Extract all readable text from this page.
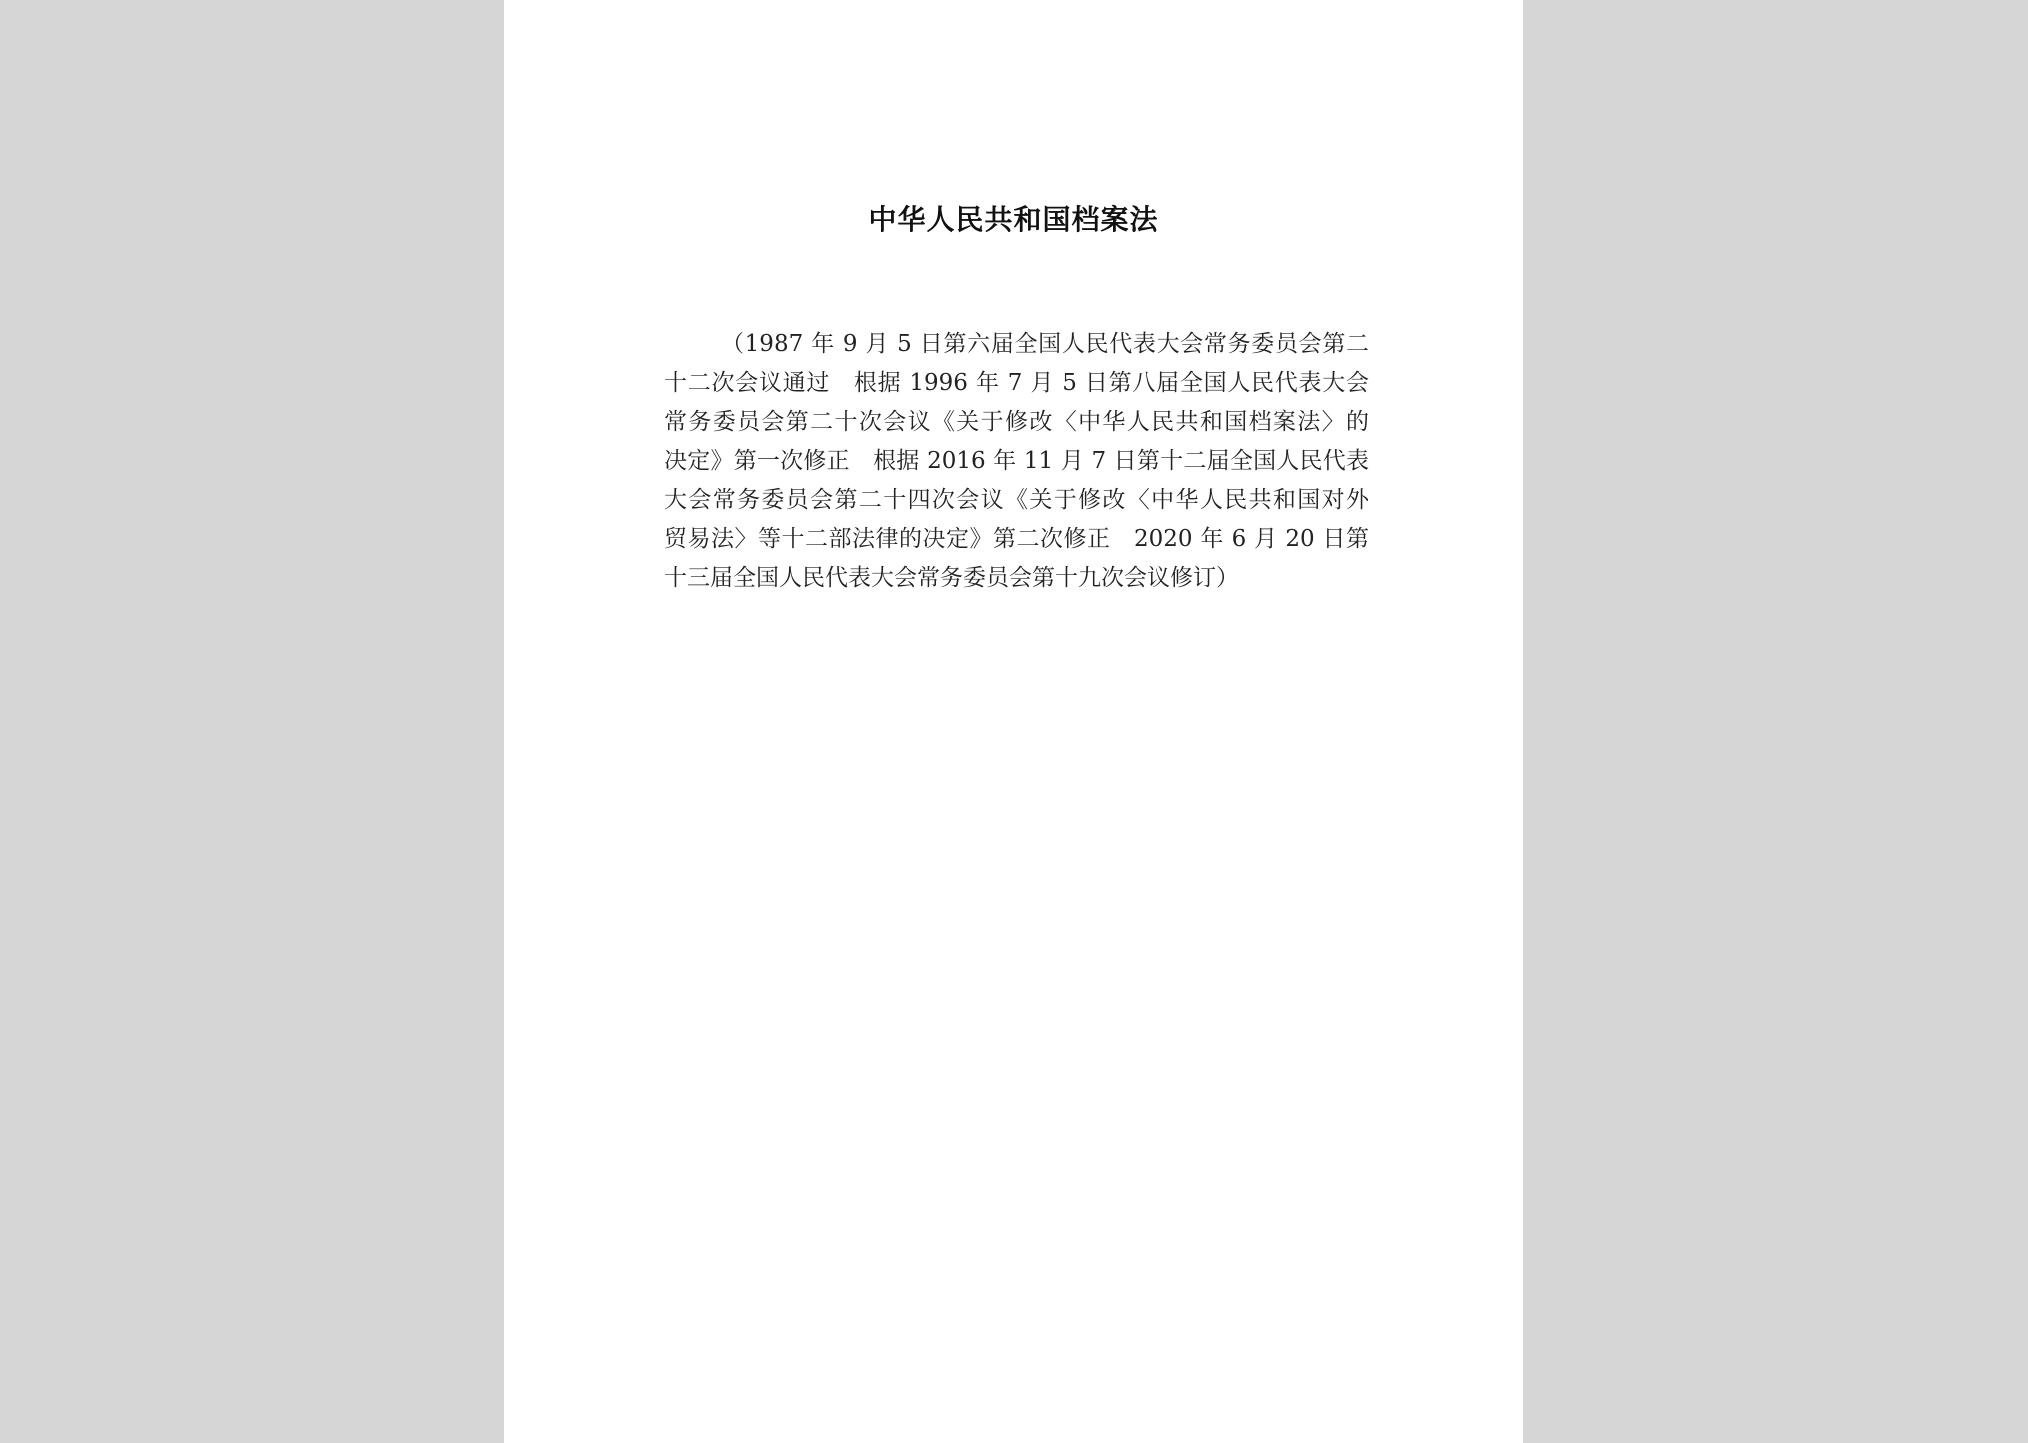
中华人民共和国档案法
（1987 年 9 月 5 日第六届全国人民代表大会常务委员会第二
十二次会议通过　根据 1996 年 7 月 5 日第八届全国人民代表大会
常务委员会第二十次会议《关于修改〈中华人民共和国档案法〉的
决定》第一次修正　根据 2016 年 11 月 7 日第十二届全国人民代表
大会常务委员会第二十四次会议《关于修改〈中华人民共和国对外
贸易法〉等十二部法律的决定》第二次修正　2020 年 6 月 20 日第
十三届全国人民代表大会常务委员会第十九次会议修订）
